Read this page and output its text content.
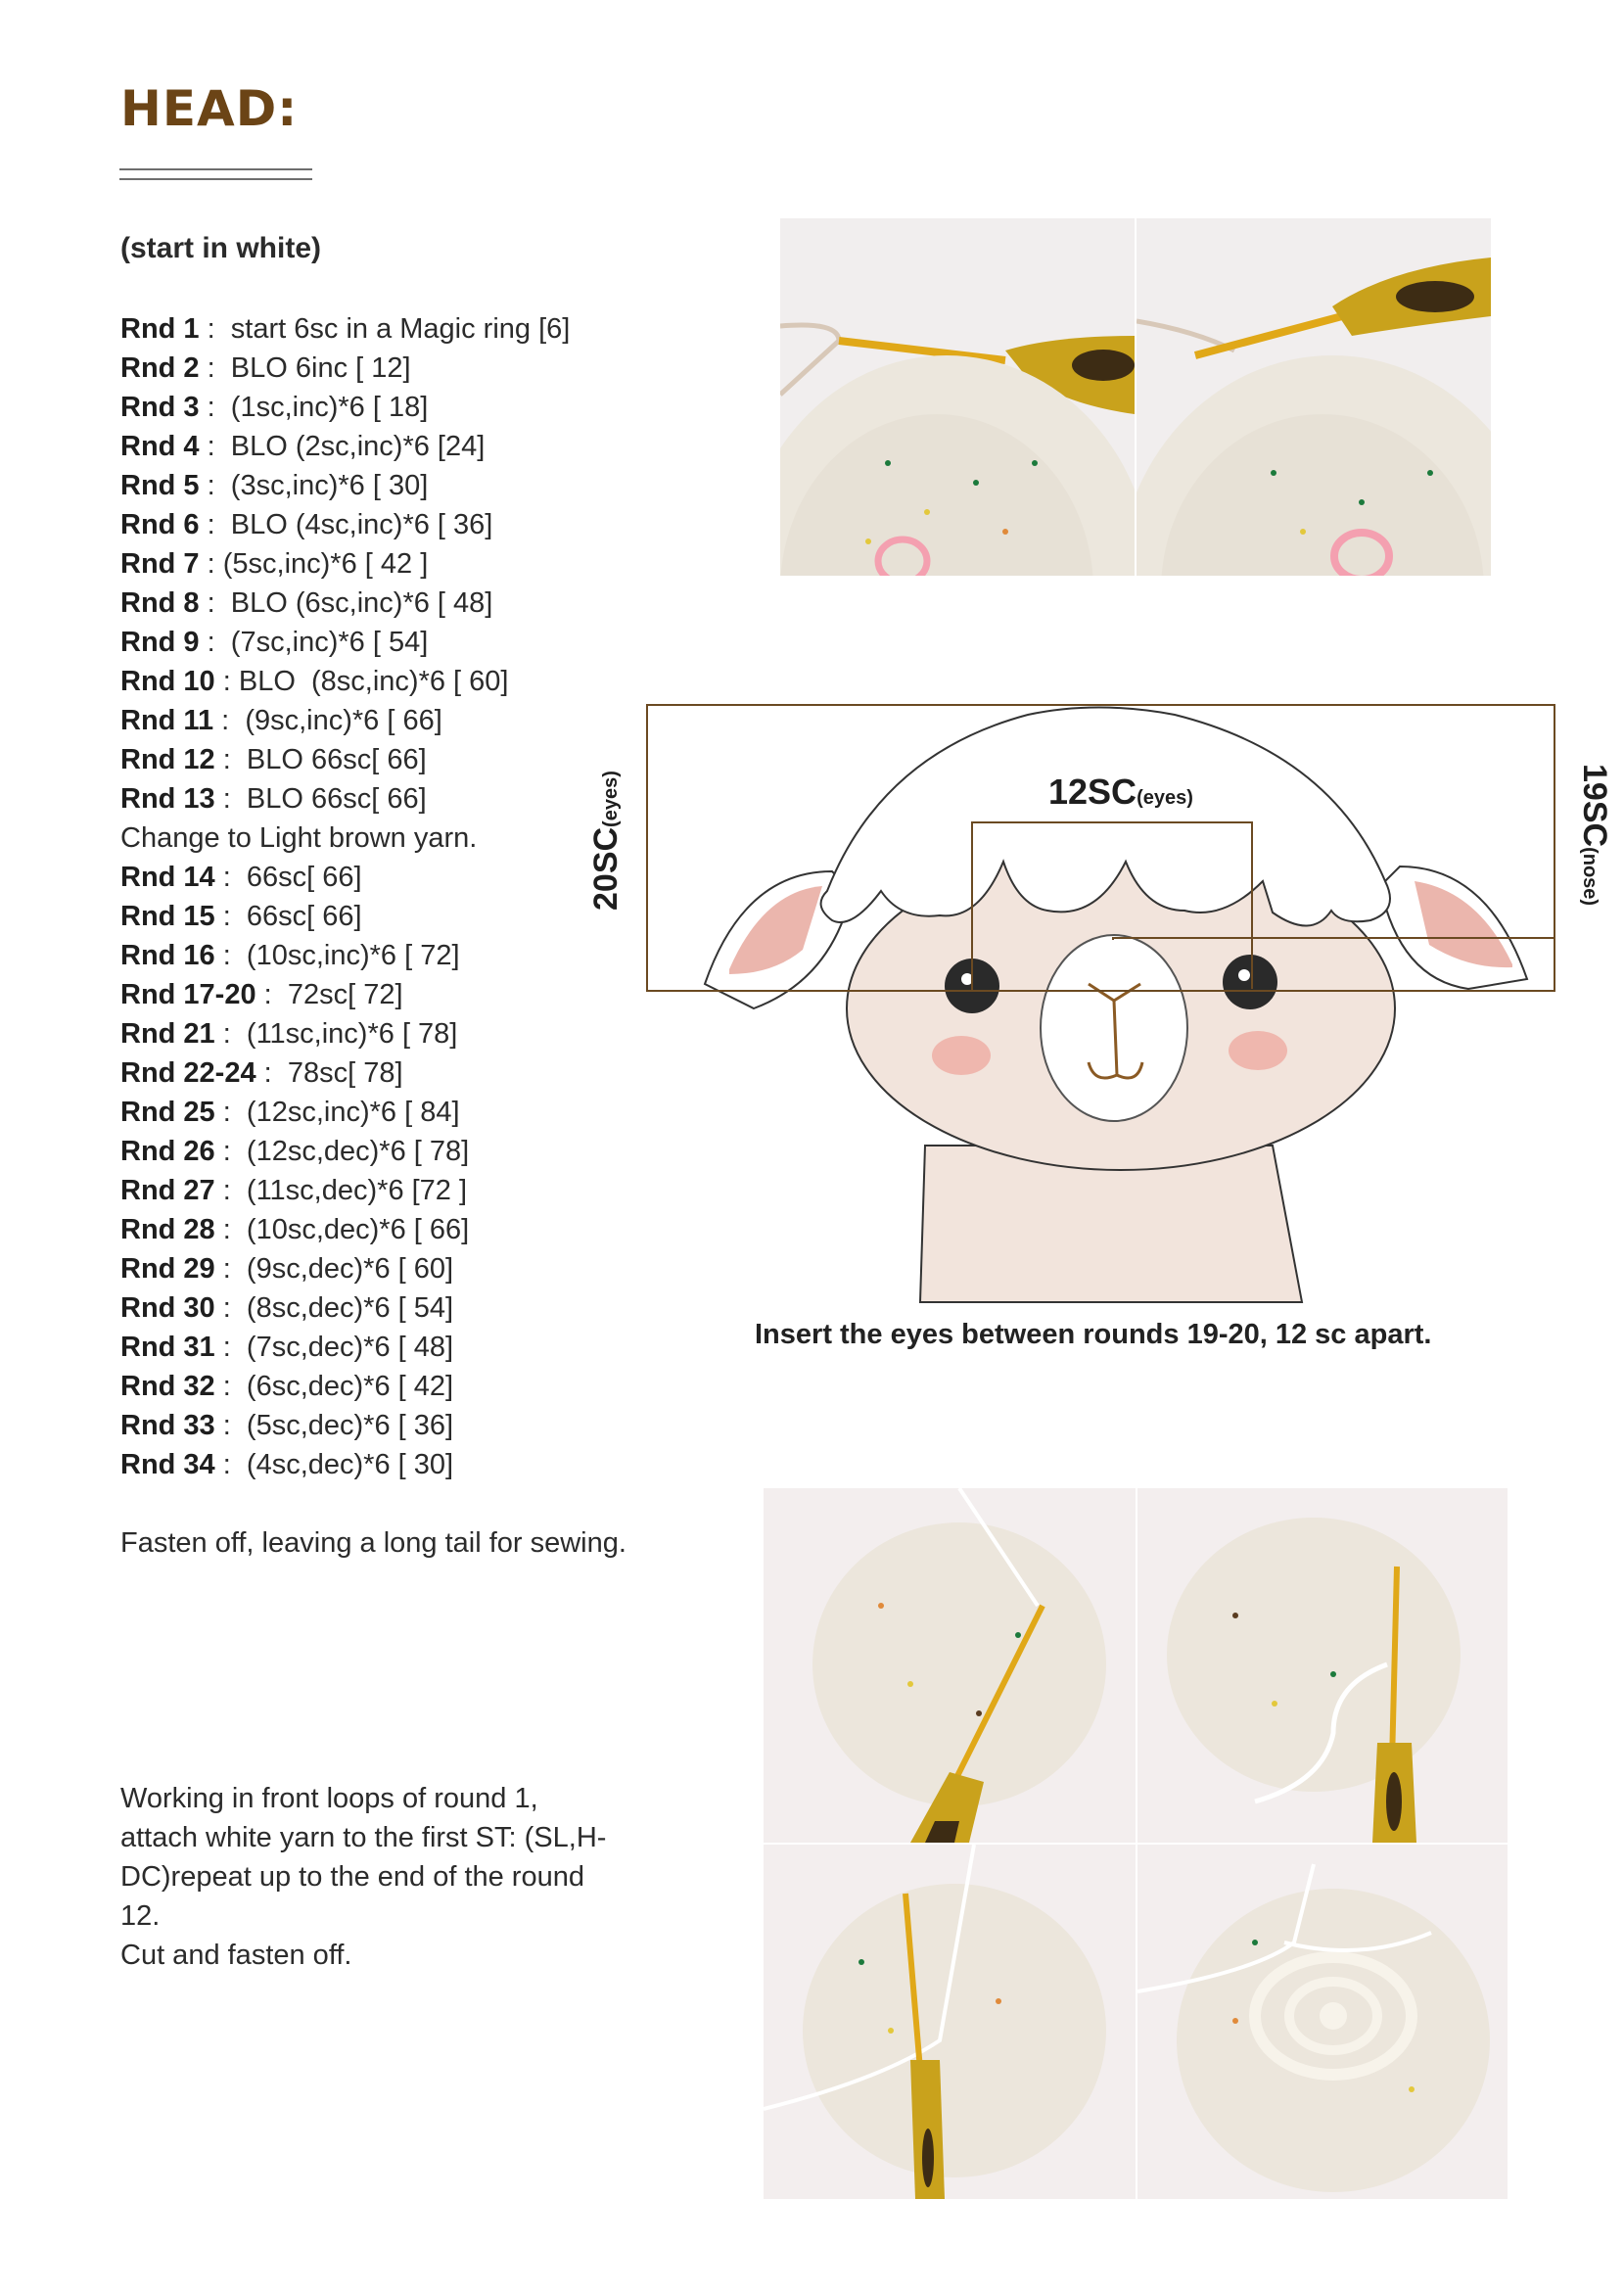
HEAD:
(start in white)
Rnd 1 :  start 6sc in a Magic ring [6]
Rnd 2 :  BLO 6inc [ 12]
Rnd 3 :  (1sc,inc)*6 [ 18]
Rnd 4 :  BLO (2sc,inc)*6 [24]
Rnd 5 :  (3sc,inc)*6 [ 30]
Rnd 6 :  BLO (4sc,inc)*6 [ 36]
Rnd 7 : (5sc,inc)*6 [ 42 ]
Rnd 8 :  BLO (6sc,inc)*6 [ 48]
Rnd 9 :  (7sc,inc)*6 [ 54]
Rnd 10 : BLO  (8sc,inc)*6 [ 60]
Rnd 11 :  (9sc,inc)*6 [ 66]
Rnd 12 :  BLO 66sc[ 66]
Rnd 13 :  BLO 66sc[ 66]
Change to Light brown yarn.
Rnd 14 :  66sc[ 66]
Rnd 15 :  66sc[ 66]
Rnd 16 :  (10sc,inc)*6 [ 72]
Rnd 17-20 :  72sc[ 72]
Rnd 21 :  (11sc,inc)*6 [ 78]
Rnd 22-24 :  78sc[ 78]
Rnd 25 :  (12sc,inc)*6 [ 84]
Rnd 26 :  (12sc,dec)*6 [ 78]
Rnd 27 :  (11sc,dec)*6 [72 ]
Rnd 28 :  (10sc,dec)*6 [ 66]
Rnd 29 :  (9sc,dec)*6 [ 60]
Rnd 30 :  (8sc,dec)*6 [ 54]
Rnd 31 :  (7sc,dec)*6 [ 48]
Rnd 32 :  (6sc,dec)*6 [ 42]
Rnd 33 :  (5sc,dec)*6 [ 36]
Rnd 34 :  (4sc,dec)*6 [ 30]
Fasten off, leaving a long tail for sewing.
Working in front loops of round 1,
attach white yarn to the first ST: (SL,H-
DC)repeat up to the end of the round
12.
Cut and fasten off.
20SC(eyes)	12SC(eyes)	19SC(nose)
Insert the eyes between rounds 19-20, 12 sc apart.
